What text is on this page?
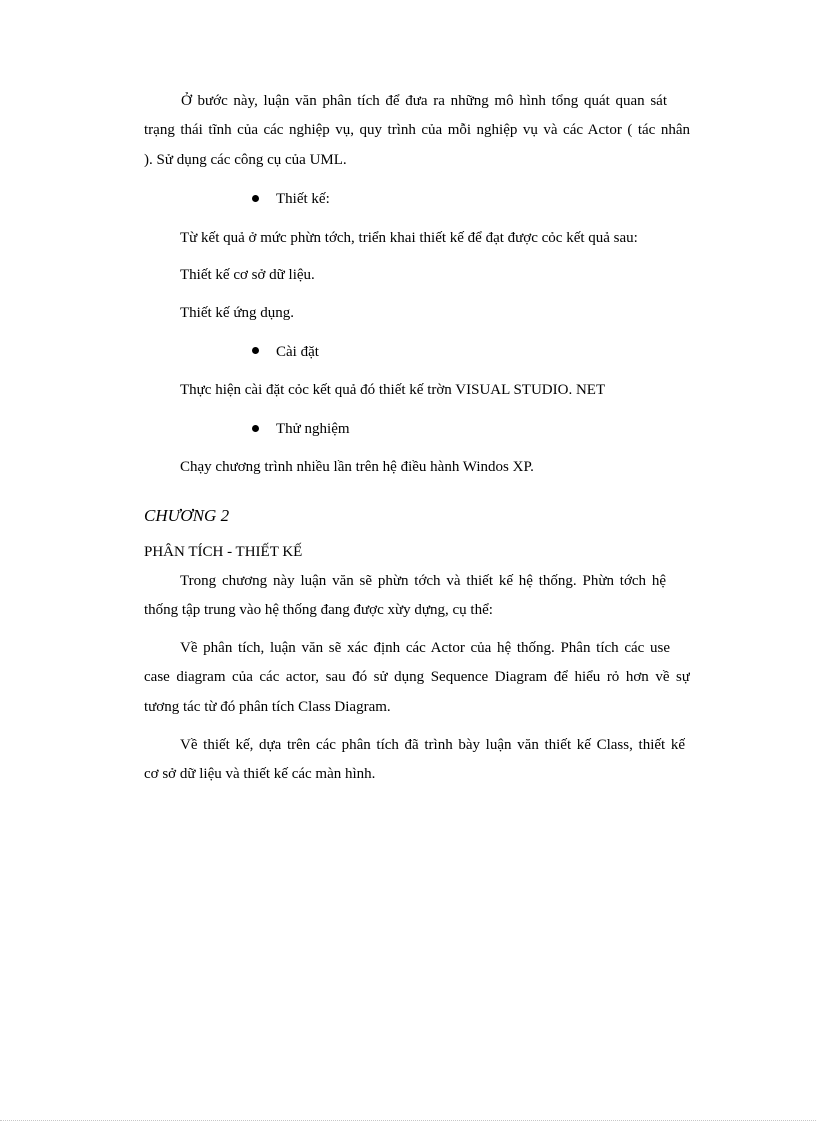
Ở bước này, luận văn phân tích để đưa ra những mô hình tổng quát quan sát
trạng thái tĩnh của các nghiệp vụ, quy trình của mỗi nghiệp vụ và các Actor ( tác nhân
). Sử dụng các công cụ của UML.
Thiết kế:
Từ kết quả ở mức phừn tớch, triển khai thiết kế để đạt được cỏc kết quả sau:
Thiết kế cơ sở dữ liệu.
Thiết kế ứng dụng.
Cài đặt
Thực hiện cài đặt cỏc kết quả đó thiết kế trờn VISUAL STUDIO. NET
Thử nghiệm
Chạy chương trình nhiều lần trên hệ điều hành Windos XP.
CHƯƠNG 2
PHÂN TÍCH - THIẾT KẾ
Trong chương này luận văn sẽ phừn tớch và thiết kế hệ thống. Phừn tớch hệ
thống tập trung vào hệ thống đang được xừy dựng, cụ thể:
Về phân tích, luận văn sẽ xác định các Actor của hệ thống. Phân tích các use
case diagram của các actor, sau đó sử dụng Sequence Diagram để hiểu rỏ hơn về sự
tương tác từ đó phân tích Class Diagram.
Về thiết kế, dựa trên các phân tích đã trình bày luận văn thiết kế Class, thiết kế
cơ sở dữ liệu và thiết kế các màn hình.
